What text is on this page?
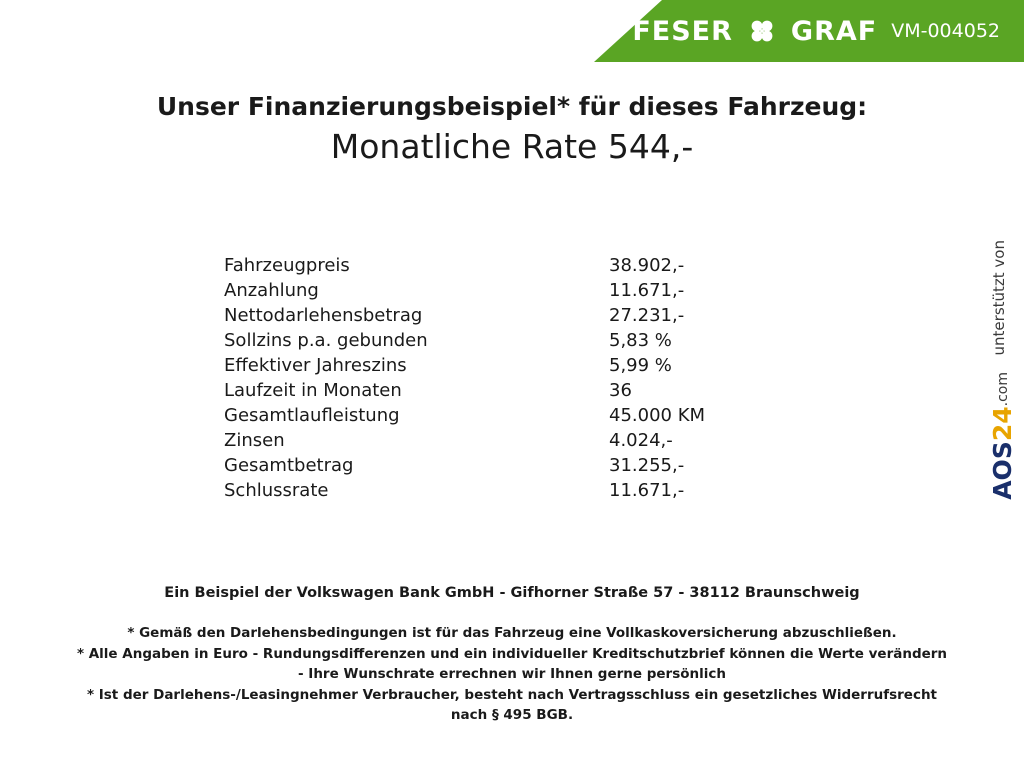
FESER GRAF VM-004052
Unser Finanzierungsbeispiel* für dieses Fahrzeug:
Monatliche Rate 544,-
Fahrzeugpreis	38.902,-
Anzahlung	11.671,-
Nettodarlehensbetrag	27.231,-
Sollzins p.a. gebunden	5,83 %
Effektiver Jahreszins	5,99 %
Laufzeit in Monaten	36
Gesamtlaufleistung	45.000 KM
Zinsen	4.024,-
Gesamtbetrag	31.255,-
Schlussrate	11.671,-
unterstützt von
AOS24.com
Ein Beispiel der Volkswagen Bank GmbH - Gifhorner Straße 57 - 38112 Braunschweig
* Gemäß den Darlehensbedingungen ist für das Fahrzeug eine Vollkaskoversicherung abzuschließen.
* Alle Angaben in Euro - Rundungsdifferenzen und ein individueller Kreditschutzbrief können die Werte verändern
- Ihre Wunschrate errechnen wir Ihnen gerne persönlich
* Ist der Darlehens-/Leasingnehmer Verbraucher, besteht nach Vertragsschluss ein gesetzliches Widerrufsrecht
nach § 495 BGB.
